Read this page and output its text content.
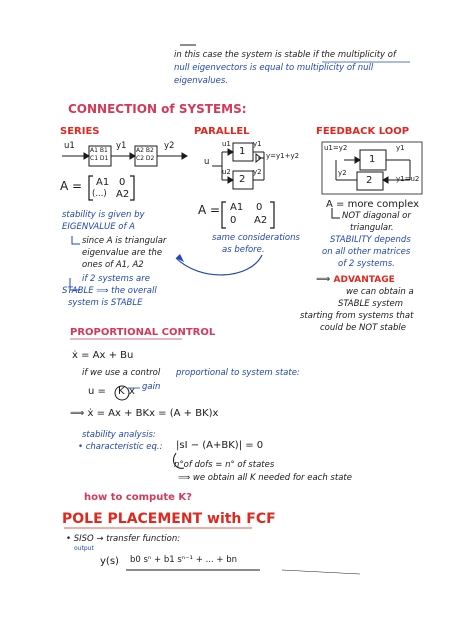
in this case the system is stable if the multiplicity of
null eigenvectors is equal to multiplicity of null
eigenvalues.
CONNECTION of SYSTEMS:
SERIES
u1	y1	y2
A1 B1
C1 D1
A2 B2
C2 D2
A = A1 0
(...) A2
stability is given by
EIGENVALUE of A
since A is triangular
eigenvalue are the
ones of A1, A2
if 2 systems are
STABLE ⟹ the overall
system is STABLE
PARALLEL
u
u1
u2
y1
y2
y=y1+y2
1
2
A = A1 0
0 A2
same considerations
as before.
FEEDBACK LOOP
u1=y2	y1
y2
y1=u2
1
2
A = more complex
NOT diagonal or
triangular.
STABILITY depends
on all other matrices
of 2 systems.
⟹ ADVANTAGE
we can obtain a
STABLE system
starting from systems that
could be NOT stable
PROPORTIONAL CONTROL
ẋ = Ax + Bu
if we use a control proportional to system state:
u = K x gain
⟹ ẋ = Ax + BKx = (A + BK)x
stability analysis:
• characteristic eq.: |sI − (A+BK)| = 0
n°of dofs = n° of states
⟹ we obtain all K needed for each state
how to compute K?
POLE PLACEMENT with FCF
• SISO → transfer function:
output
y(s) b0 sⁿ + b1 sⁿ⁻¹ + ... + bn
